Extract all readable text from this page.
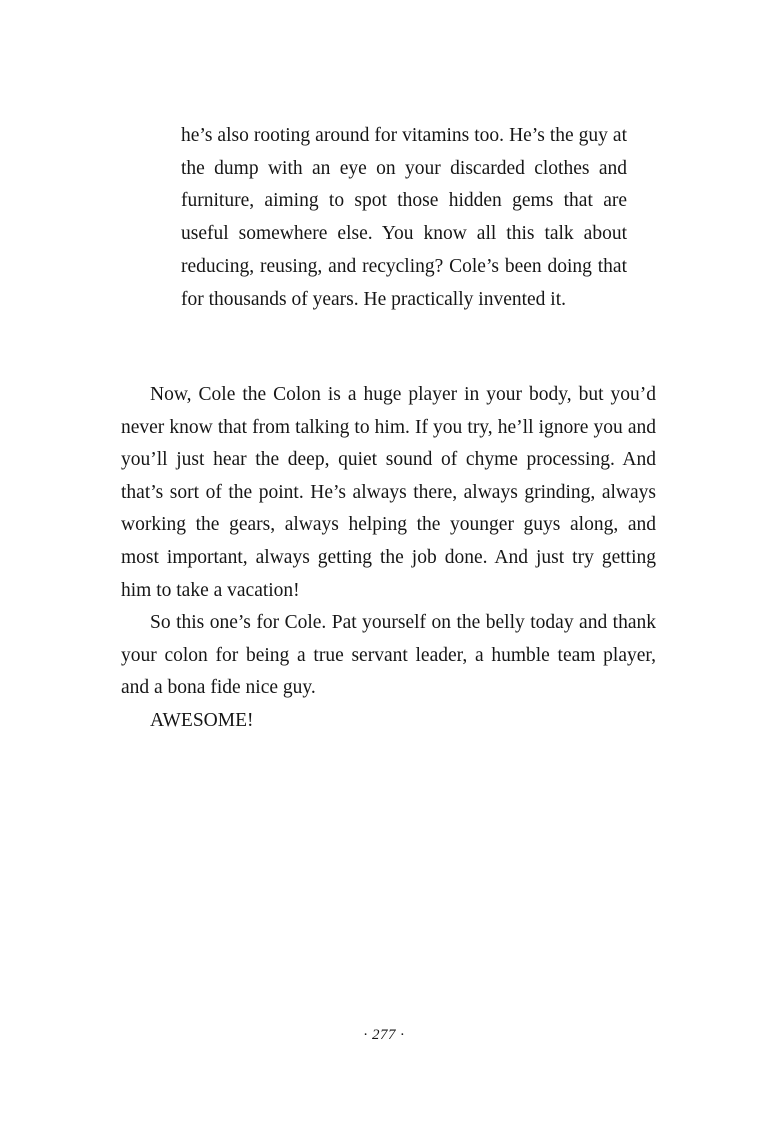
he’s also rooting around for vitamins too. He’s the guy at the dump with an eye on your discarded clothes and furniture, aiming to spot those hidden gems that are useful somewhere else. You know all this talk about reducing, reusing, and recycling? Cole’s been doing that for thousands of years. He practically invented it.

Now, Cole the Colon is a huge player in your body, but you’d never know that from talking to him. If you try, he’ll ignore you and you’ll just hear the deep, quiet sound of chyme processing. And that’s sort of the point. He’s always there, always grinding, always working the gears, always helping the younger guys along, and most important, always getting the job done. And just try getting him to take a vacation!

So this one’s for Cole. Pat yourself on the belly today and thank your colon for being a true servant leader, a humble team player, and a bona fide nice guy.

AWESOME!

· 277 ·
